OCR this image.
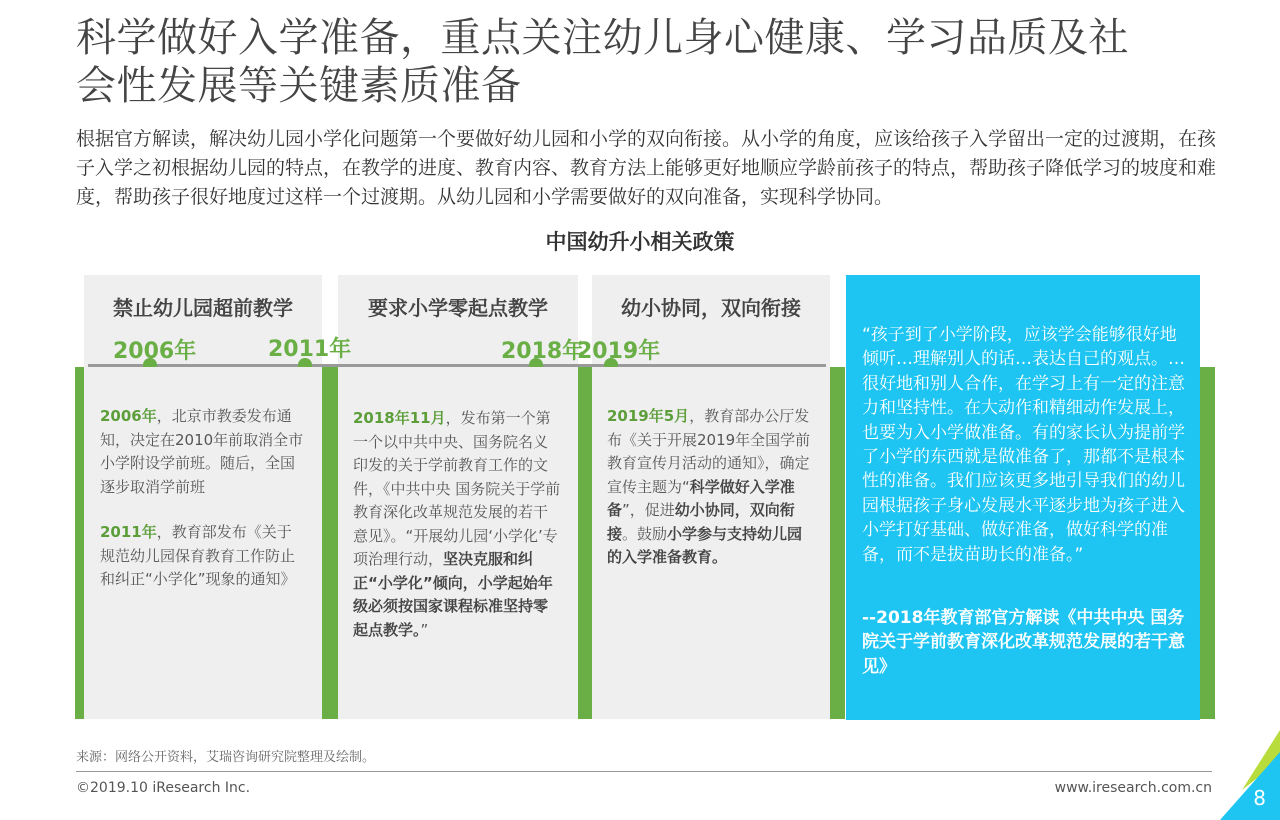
科学做好入学准备，重点关注幼儿身心健康、学习品质及社
会性发展等关键素质准备
根据官方解读，解决幼儿园小学化问题第一个要做好幼儿园和小学的双向衔接。从小学的角度，应该给孩子入学留出一定的过渡期，在孩子入学之初根据幼儿园的特点，在教学的进度、教育内容、教育方法上能够更好地顺应学龄前孩子的特点，帮助孩子降低学习的坡度和难度，帮助孩子很好地度过这样一个过渡期。从幼儿园和小学需要做好的双向准备，实现科学协同。
中国幼升小相关政策
禁止幼儿园超前教学	要求小学零起点教学	幼小协同，双向衔接
2006年	2011年	2018年
2019年

2006年，北京市教委发布通知，决定在2010年前取消全市小学附设学前班。随后，全国逐步取消学前班

2011年，教育部发布《关于规范幼儿园保育教育工作防止和纠正“小学化”现象的通知》

2018年11月，发布第一个第一个以中共中央、国务院名义印发的关于学前教育工作的文件，《中共中央 国务院关于学前教育深化改革规范发展的若干意见》。“开展幼儿园‘小学化’专项治理行动，坚决克服和纠正“小学化”倾向，小学起始年级必须按国家课程标准坚持零起点教学。”
2019年5月，教育部办公厅发布《关于开展2019年全国学前教育宣传月活动的通知》，确定宣传主题为“科学做好入学准备”，促进幼小协同，双向衔接。鼓励小学参与支持幼儿园的入学准备教育。
“孩子到了小学阶段，应该学会能够很好地倾听…理解别人的话…表达自己的观点。…很好地和别人合作，在学习上有一定的注意力和坚持性。在大动作和精细动作发展上，也要为入小学做准备。有的家长认为提前学了小学的东西就是做准备了，那都不是根本性的准备。我们应该更多地引导我们的幼儿园根据孩子身心发展水平逐步地为孩子进入小学打好基础、做好准备，做好科学的准备，而不是拔苗助长的准备。”
--2018年教育部官方解读《中共中央 国务院关于学前教育深化改革规范发展的若干意见》
来源：网络公开资料，艾瑞咨询研究院整理及绘制。
©2019.10 iResearch Inc.	www.iresearch.com.cn 8
